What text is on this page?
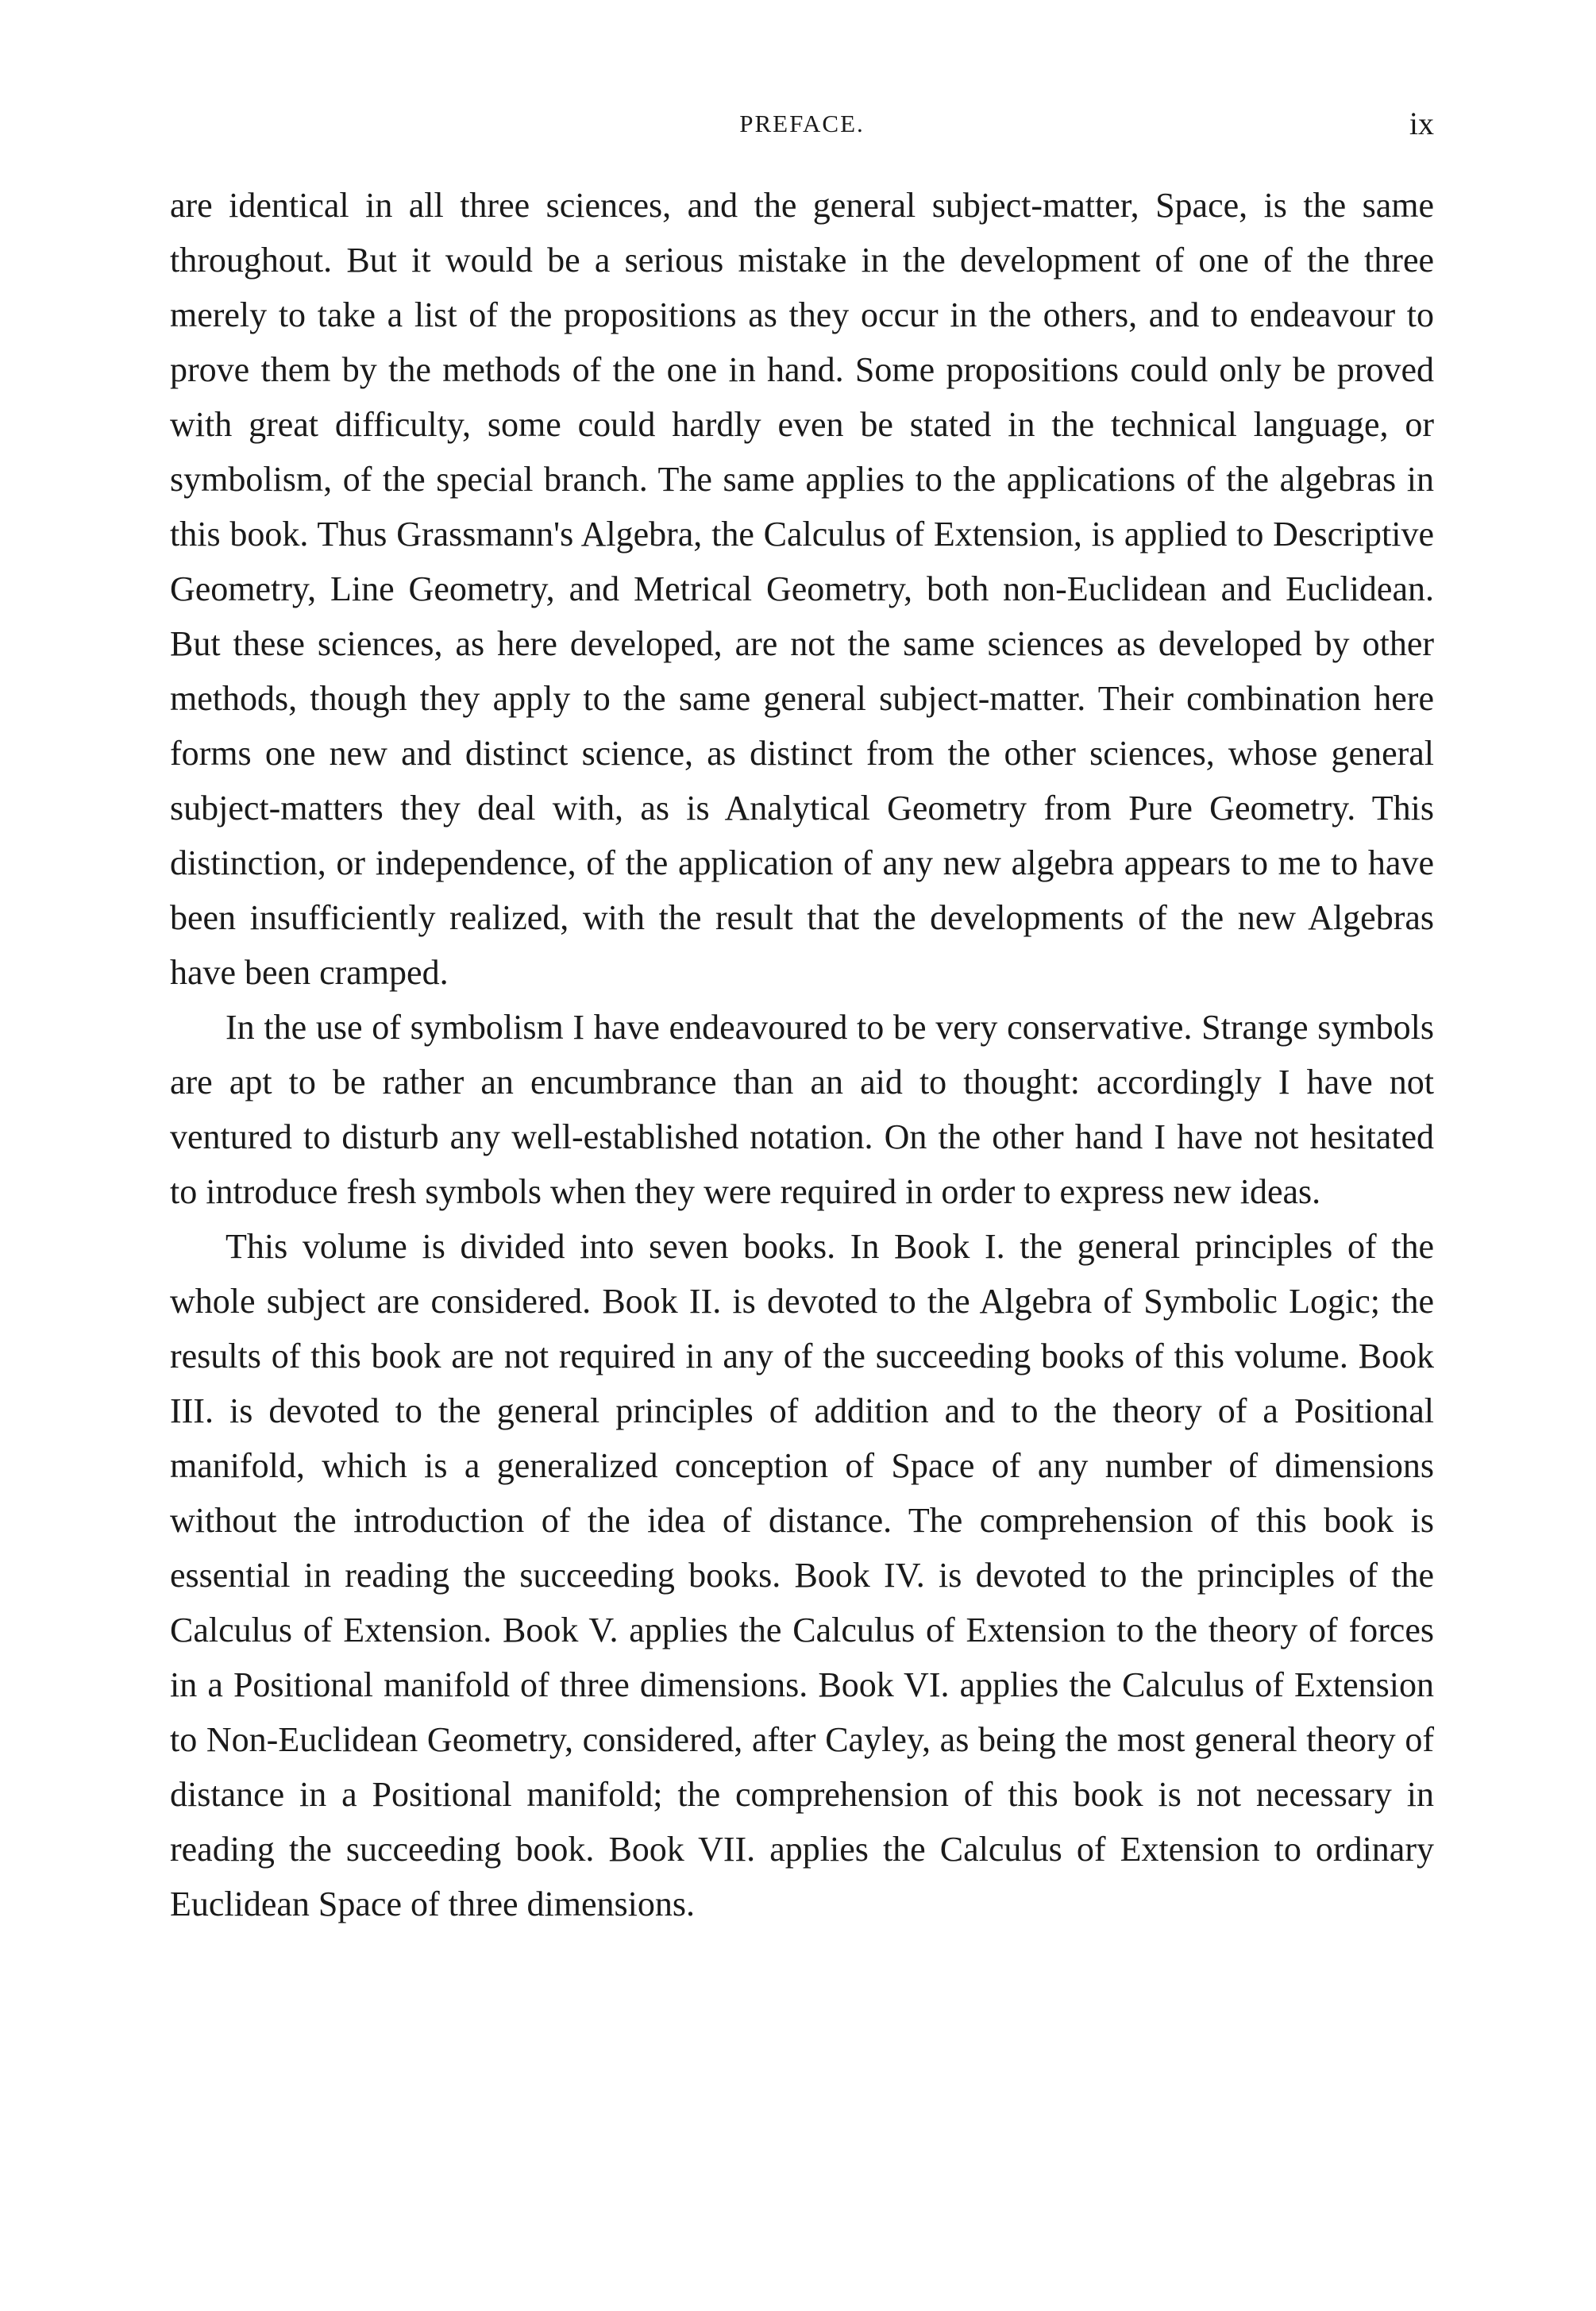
PREFACE.	ix

are identical in all three sciences, and the general subject-matter, Space, is the same throughout. But it would be a serious mistake in the development of one of the three merely to take a list of the propositions as they occur in the others, and to endeavour to prove them by the methods of the one in hand. Some propositions could only be proved with great difficulty, some could hardly even be stated in the technical language, or symbolism, of the special branch. The same applies to the applications of the algebras in this book. Thus Grassmann's Algebra, the Calculus of Extension, is applied to Descriptive Geometry, Line Geometry, and Metrical Geometry, both non-Euclidean and Euclidean. But these sciences, as here developed, are not the same sciences as developed by other methods, though they apply to the same general subject-matter. Their combination here forms one new and distinct science, as distinct from the other sciences, whose general subject-matters they deal with, as is Analytical Geometry from Pure Geometry. This distinction, or independence, of the application of any new algebra appears to me to have been insufficiently realized, with the result that the developments of the new Algebras have been cramped.

In the use of symbolism I have endeavoured to be very conservative. Strange symbols are apt to be rather an encumbrance than an aid to thought: accordingly I have not ventured to disturb any well-established notation. On the other hand I have not hesitated to introduce fresh symbols when they were required in order to express new ideas.

This volume is divided into seven books. In Book I. the general principles of the whole subject are considered. Book II. is devoted to the Algebra of Symbolic Logic; the results of this book are not required in any of the succeeding books of this volume. Book III. is devoted to the general principles of addition and to the theory of a Positional manifold, which is a generalized conception of Space of any number of dimensions without the introduction of the idea of distance. The comprehension of this book is essential in reading the succeeding books. Book IV. is devoted to the principles of the Calculus of Extension. Book V. applies the Calculus of Extension to the theory of forces in a Positional manifold of three dimensions. Book VI. applies the Calculus of Extension to Non-Euclidean Geometry, considered, after Cayley, as being the most general theory of distance in a Positional manifold; the comprehension of this book is not necessary in reading the succeeding book. Book VII. applies the Calculus of Extension to ordinary Euclidean Space of three dimensions.
